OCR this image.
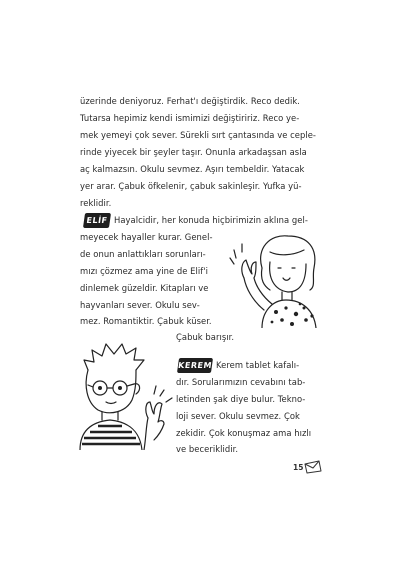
üzerinde deniyoruz. Ferhat'ı değiştirdik. Reco dedik.
Tutarsa hepimiz kendi ismimizi değiştiririz. Reco ye-
mek yemeyi çok sever. Sürekli sırt çantasında ve ceple-
rinde yiyecek bir şeyler taşır. Onunla arkadaşsan asla
aç kalmazsın. Okulu sevmez. Aşırı tembeldir. Yatacak
yer arar. Çabuk öfkelenir, çabuk sakinleşir. Yufka yü-
reklidir.
ELİF Hayalcidir, her konuda hiçbirimizin aklına gel-
meyecek hayaller kurar. Genel-
de onun anlattıkları sorunları-
mızı çözmez ama yine de Elif'i
dinlemek güzeldir. Kitapları ve
hayvanları sever. Okulu sev-
mez. Romantiktir. Çabuk küser.
Çabuk barışır.
KEREM Kerem tablet kafalı-
dır. Sorularımızın cevabını tab-
letinden şak diye bulur. Tekno-
loji sever. Okulu sevmez. Çok
zekidir. Çok konuşmaz ama hızlı
ve beceriklidir.
15
